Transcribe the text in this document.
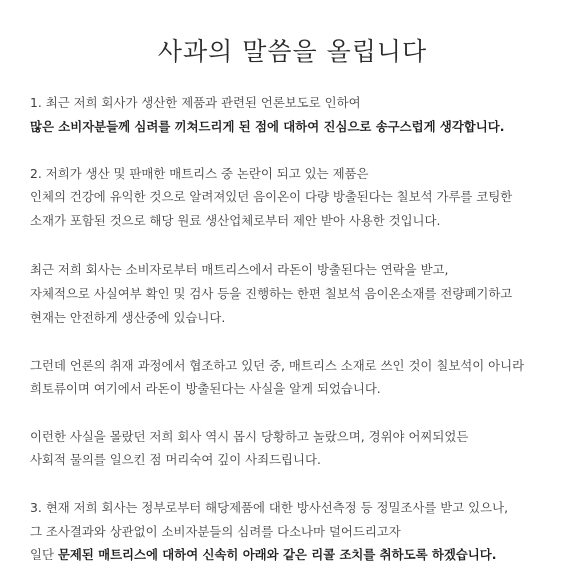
사과의 말씀을 올립니다
1. 최근 저희 회사가 생산한 제품과 관련된 언론보도로 인하여
많은 소비자분들께 심려를 끼쳐드리게 된 점에 대하여 진심으로 송구스럽게 생각합니다.
2. 저희가 생산 및 판매한 매트리스 중 논란이 되고 있는 제품은
인체의 건강에 유익한 것으로 알려져있던 음이온이 다량 방출된다는 칠보석 가루를 코팅한
소재가 포함된 것으로 해당 원료 생산업체로부터 제안 받아 사용한 것입니다.
최근 저희 회사는 소비자로부터 매트리스에서 라돈이 방출된다는 연락을 받고,
자체적으로 사실여부 확인 및 검사 등을 진행하는 한편 칠보석 음이온소재를 전량폐기하고
현재는 안전하게 생산중에 있습니다.
그런데 언론의 취재 과정에서 협조하고 있던 중, 매트리스 소재로 쓰인 것이 칠보석이 아니라
희토류이며 여기에서 라돈이 방출된다는 사실을 알게 되었습니다.
이런한 사실을 몰랐던 저희 회사 역시 몹시 당황하고 놀랐으며, 경위야 어찌되었든
사회적 물의를 일으킨 점 머리숙여 깊이 사죄드립니다.
3. 현재 저희 회사는 정부로부터 해당제품에 대한 방사선측정 등 정밀조사를 받고 있으나,
그 조사결과와 상관없이 소비자분들의 심려를 다소나마 덜어드리고자
일단 문제된 매트리스에 대하여 신속히 아래와 같은 리콜 조치를 취하도록 하겠습니다.
